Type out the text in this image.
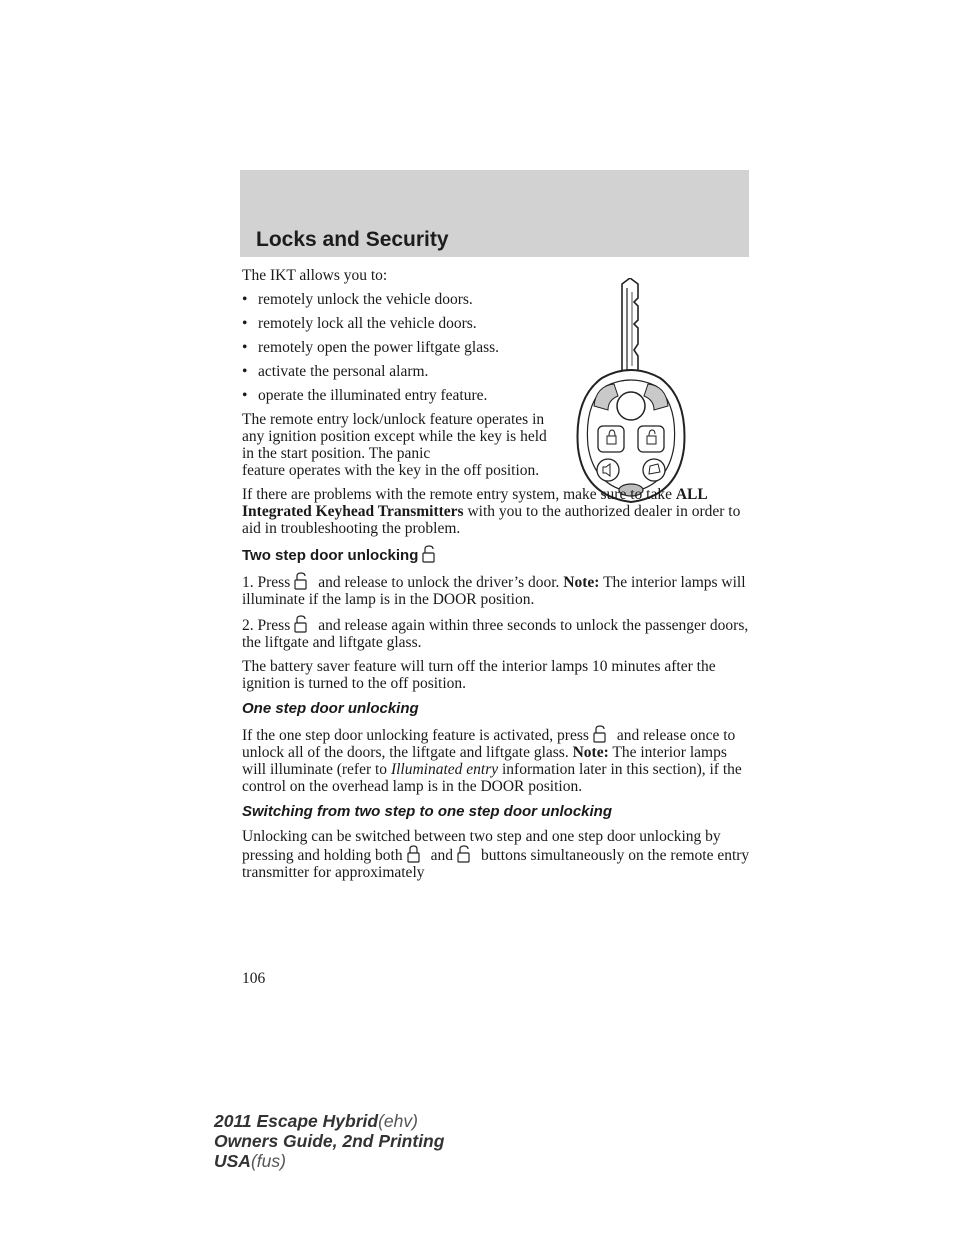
Locks and Security

The IKT allows you to:

• remotely unlock the vehicle doors.
• remotely lock all the vehicle doors.
• remotely open the power liftgate glass.
• activate the personal alarm.
• operate the illuminated entry feature.

The remote entry lock/unlock feature operates in any ignition position except while the key is held in the start position. The panic

feature operates with the key in the off position.

If there are problems with the remote entry system, make sure to take ALL Integrated Keyhead Transmitters with you to the authorized dealer in order to aid in troubleshooting the problem.

Two step door unlocking

1. Press and release to unlock the driver’s door. Note: The interior lamps will illuminate if the lamp is in the DOOR position.

2. Press and release again within three seconds to unlock the passenger doors, the liftgate and liftgate glass.

The battery saver feature will turn off the interior lamps 10 minutes after the ignition is turned to the off position.

One step door unlocking

If the one step door unlocking feature is activated, press and release once to unlock all of the doors, the liftgate and liftgate glass. Note: The interior lamps will illuminate (refer to Illuminated entry information later in this section), if the control on the overhead lamp is in the DOOR position.

Switching from two step to one step door unlocking

Unlocking can be switched between two step and one step door unlocking by pressing and holding both and buttons simultaneously on the remote entry transmitter for approximately

106
2011 Escape Hybrid(ehv)
Owners Guide, 2nd Printing
USA(fus)
